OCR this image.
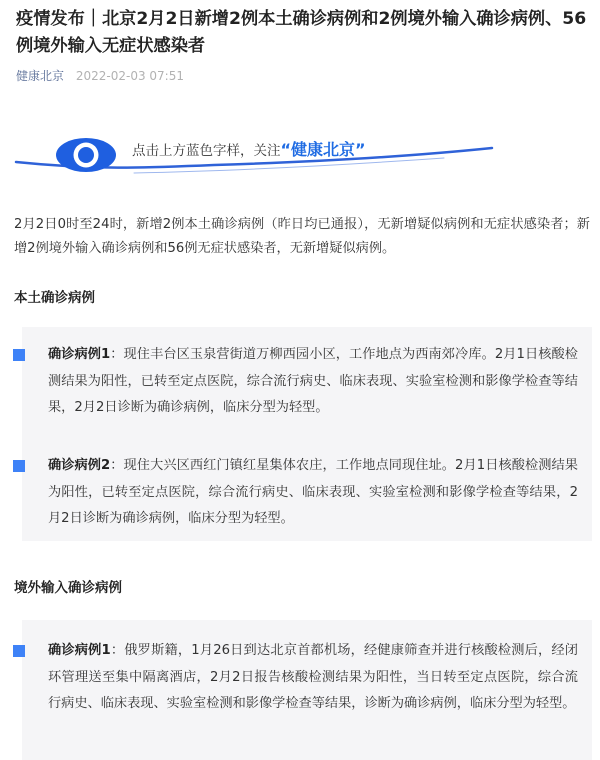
疫情发布｜北京2月2日新增2例本土确诊病例和2例境外输入确诊病例、56例境外输入无症状感染者
健康北京 2022-02-03 07:51
点击上方蓝色字样，关注“健康北京”

2月2日0时至24时，新增2例本土确诊病例（昨日均已通报），无新增疑似病例和无症状感染者；新增2例境外输入确诊病例和56例无症状感染者，无新增疑似病例。

本土确诊病例

确诊病例1：现住丰台区玉泉营街道万柳西园小区，工作地点为西南郊冷库。2月1日核酸检测结果为阳性，已转至定点医院，综合流行病史、临床表现、实验室检测和影像学检查等结果，2月2日诊断为确诊病例，临床分型为轻型。

确诊病例2：现住大兴区西红门镇红星集体农庄，工作地点同现住址。2月1日核酸检测结果为阳性，已转至定点医院，综合流行病史、临床表现、实验室检测和影像学检查等结果，2月2日诊断为确诊病例，临床分型为轻型。

境外输入确诊病例

确诊病例1：俄罗斯籍，1月26日到达北京首都机场，经健康筛查并进行核酸检测后，经闭环管理送至集中隔离酒店，2月2日报告核酸检测结果为阳性，当日转至定点医院，综合流行病史、临床表现、实验室检测和影像学检查等结果，诊断为确诊病例，临床分型为轻型。
